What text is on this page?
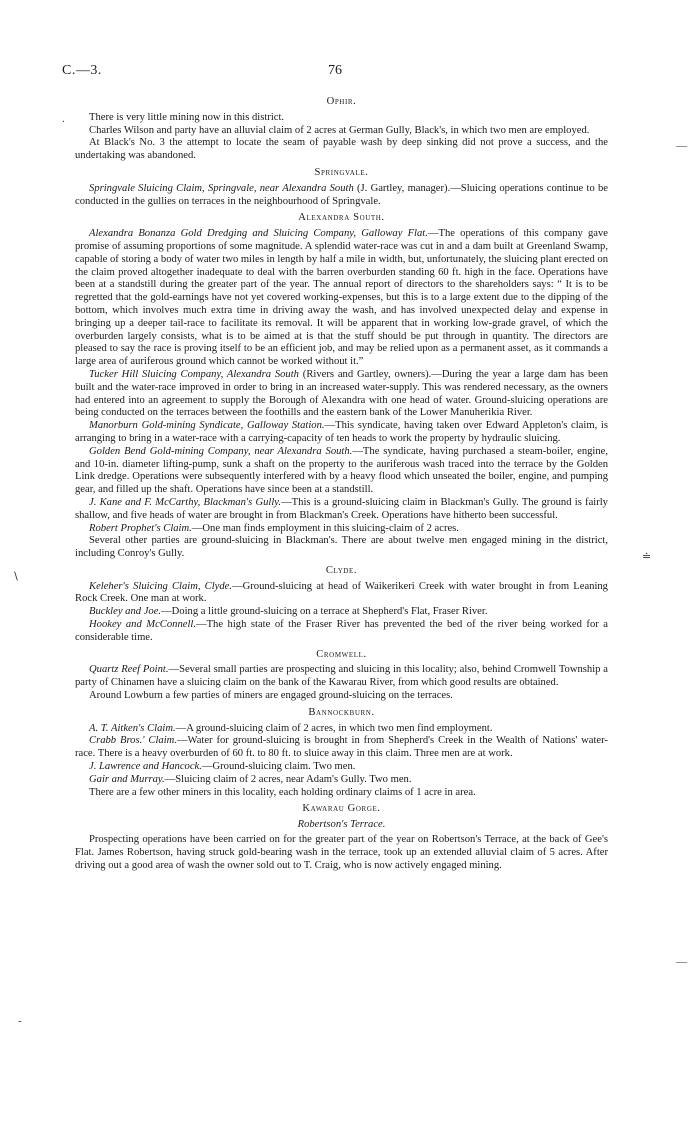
C.—3.	76
Ophir.

There is very little mining now in this district.

Charles Wilson and party have an alluvial claim of 2 acres at German Gully, Black's, in which two men are employed.

At Black's No. 3 the attempt to locate the seam of payable wash by deep sinking did not prove a success, and the undertaking was abandoned.

Springvale.

Springvale Sluicing Claim, Springvale, near Alexandra South (J. Gartley, manager).—Sluicing operations continue to be conducted in the gullies on terraces in the neighbourhood of Springvale.

Alexandra South.

Alexandra Bonanza Gold Dredging and Sluicing Company, Galloway Flat.—The operations of this company gave promise of assuming proportions of some magnitude. A splendid water-race was cut in and a dam built at Greenland Swamp, capable of storing a body of water two miles in length by half a mile in width, but, unfortunately, the sluicing plant erected on the claim proved altogether inadequate to deal with the barren overburden standing 60 ft. high in the face. Operations have been at a standstill during the greater part of the year. The annual report of directors to the shareholders says: “ It is to be regretted that the gold-earnings have not yet covered working-expenses, but this is to a large extent due to the dipping of the bottom, which involves much extra time in driving away the wash, and has involved unexpected delay and expense in bringing up a deeper tail-race to facilitate its removal. It will be apparent that in working low-grade gravel, of which the overburden largely consists, what is to be aimed at is that the stuff should be put through in quantity. The directors are pleased to say the race is proving itself to be an efficient job, and may be relied upon as a permanent asset, as it commands a large area of auriferous ground which cannot be worked without it.”

Tucker Hill Sluicing Company, Alexandra South (Rivers and Gartley, owners).—During the year a large dam has been built and the water-race improved in order to bring in an increased water-supply. This was rendered necessary, as the owners had entered into an agreement to supply the Borough of Alexandra with one head of water. Ground-sluicing operations are being conducted on the terraces between the foothills and the eastern bank of the Lower Manuherikia River.

Manorburn Gold-mining Syndicate, Galloway Station.—This syndicate, having taken over Edward Appleton's claim, is arranging to bring in a water-race with a carrying-capacity of ten heads to work the property by hydraulic sluicing.

Golden Bend Gold-mining Company, near Alexandra South.—The syndicate, having purchased a steam-boiler, engine, and 10-in. diameter lifting-pump, sunk a shaft on the property to the auriferous wash traced into the terrace by the Golden Link dredge. Operations were subsequently interfered with by a heavy flood which unseated the boiler, engine, and pumping gear, and filled up the shaft. Operations have since been at a standstill.

J. Kane and F. McCarthy, Blackman's Gully.—This is a ground-sluicing claim in Blackman's Gully. The ground is fairly shallow, and five heads of water are brought in from Blackman's Creek. Operations have hitherto been successful.

Robert Prophet's Claim.—One man finds employment in this sluicing-claim of 2 acres.

Several other parties are ground-sluicing in Blackman's. There are about twelve men engaged mining in the district, including Conroy's Gully.

Clyde.

Keleher's Sluicing Claim, Clyde.—Ground-sluicing at head of Waikerikeri Creek with water brought in from Leaning Rock Creek. One man at work.

Buckley and Joe.—Doing a little ground-sluicing on a terrace at Shepherd's Flat, Fraser River.

Hookey and McConnell.—The high state of the Fraser River has prevented the bed of the river being worked for a considerable time.

Cromwell.

Quartz Reef Point.—Several small parties are prospecting and sluicing in this locality; also, behind Cromwell Township a party of Chinamen have a sluicing claim on the bank of the Kawarau River, from which good results are obtained.

Around Lowburn a few parties of miners are engaged ground-sluicing on the terraces.

Bannockburn.

A. T. Aitken's Claim.—A ground-sluicing claim of 2 acres, in which two men find employment.

Crabb Bros.' Claim.—Water for ground-sluicing is brought in from Shepherd's Creek in the Wealth of Nations' water-race. There is a heavy overburden of 60 ft. to 80 ft. to sluice away in this claim. Three men are at work.

J. Lawrence and Hancock.—Ground-sluicing claim. Two men.

Gair and Murray.—Sluicing claim of 2 acres, near Adam's Gully. Two men.

There are a few other miners in this locality, each holding ordinary claims of 1 acre in area.

Kawarau Gorge.
Robertson's Terrace.

Prospecting operations have been carried on for the greater part of the year on Robertson's Terrace, at the back of Gee's Flat. James Robertson, having struck gold-bearing wash in the terrace, took up an extended alluvial claim of 5 acres. After driving out a good area of wash the owner sold out to T. Craig, who is now actively engaged mining.

.
—
∖
≐
—
-
